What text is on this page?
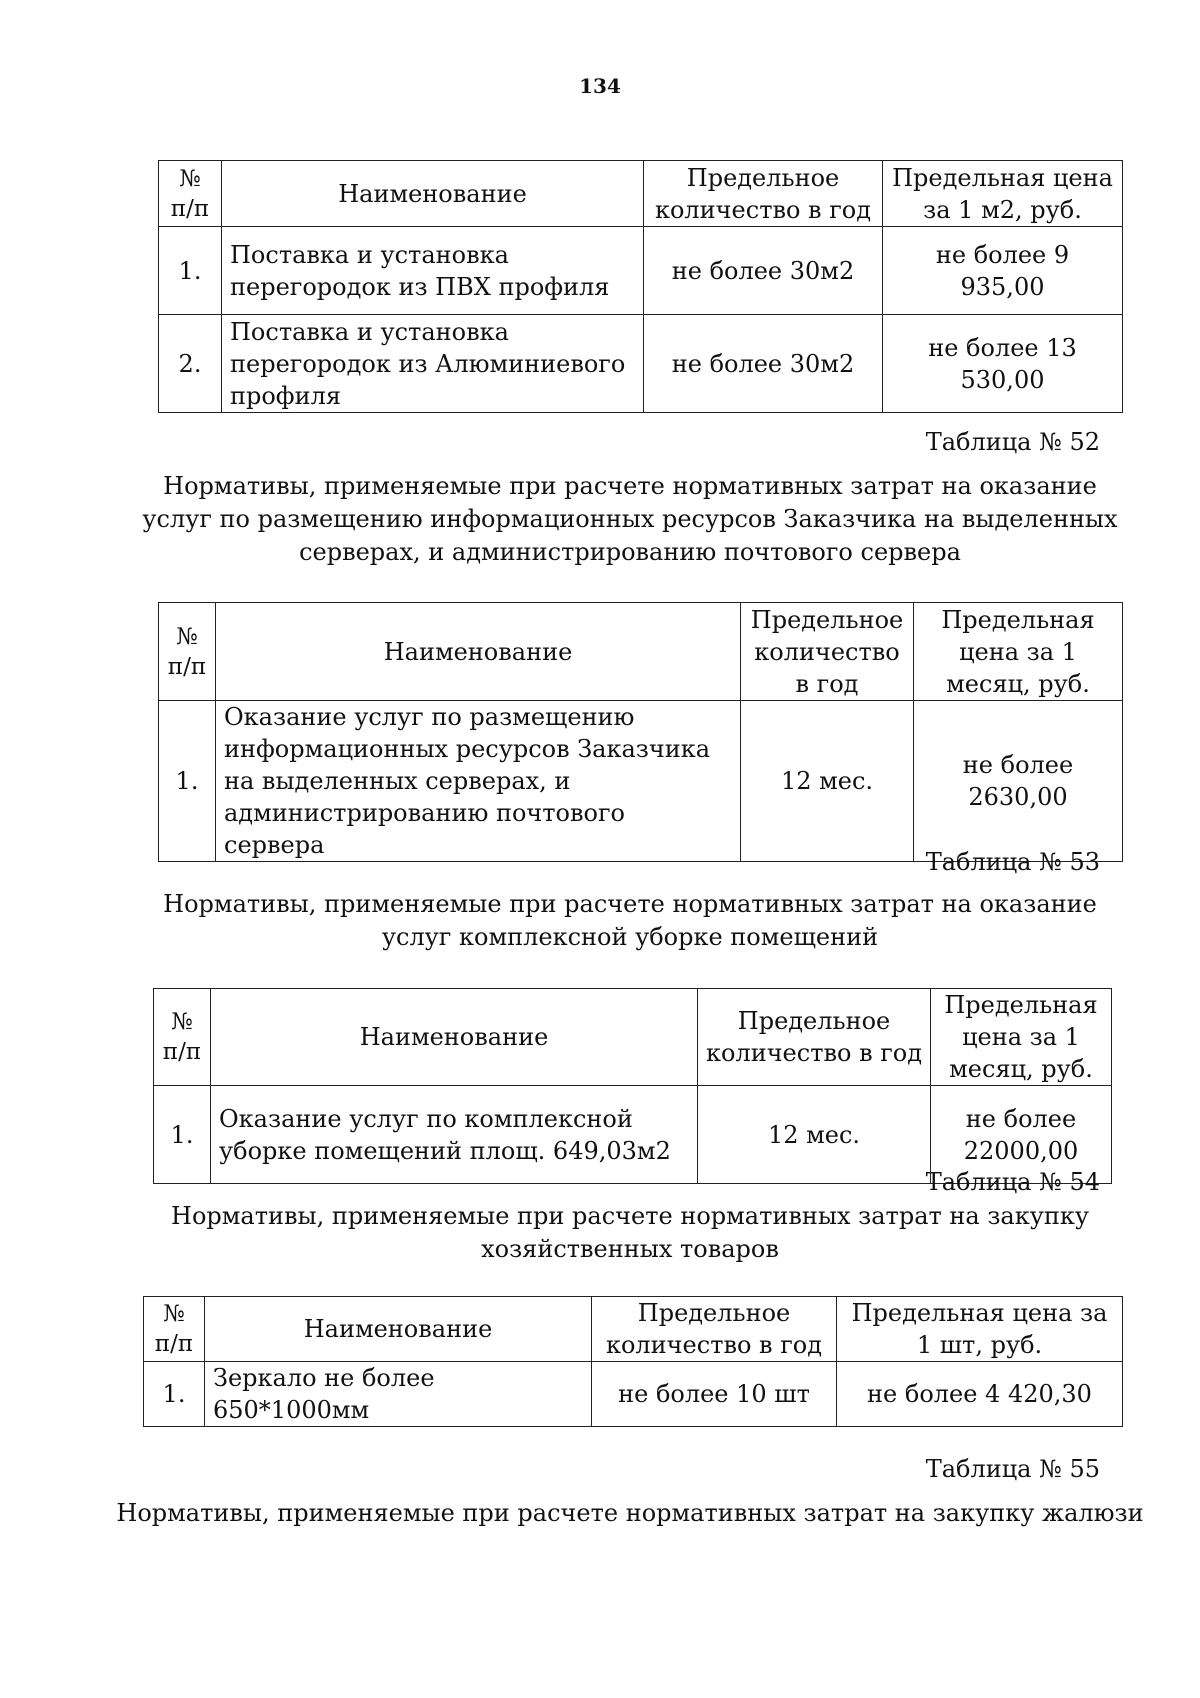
134
№ п/п	Наименование	Предельное количество в год	Предельная цена за 1 м2, руб.
1.	Поставка и установка перегородок из ПВХ профиля	не более 30м2	не более 9 935,00
2.	Поставка и установка перегородок из Алюминиевого профиля	не более 30м2	не более 13 530,00
Таблица № 52
Нормативы, применяемые при расчете нормативных затрат на оказание услуг по размещению информационных ресурсов Заказчика на выделенных серверах, и администрированию почтового сервера
№ п/п	Наименование	Предельное количество в год	Предельная цена за 1 месяц, руб.
1.	Оказание услуг по размещению информационных ресурсов Заказчика на выделенных серверах, и администрированию почтового сервера	12 мес.	не более 2630,00
Таблица № 53
Нормативы, применяемые при расчете нормативных затрат на оказание услуг комплексной уборке помещений
№ п/п	Наименование	Предельное количество в год	Предельная цена за 1 месяц, руб.
1.	Оказание услуг по комплексной уборке помещений площ. 649,03м2	12 мес.	не более 22000,00
Таблица № 54
Нормативы, применяемые при расчете нормативных затрат на закупку хозяйственных товаров
№ п/п	Наименование	Предельное количество в год	Предельная цена за 1 шт, руб.
1.	Зеркало не более 650*1000мм	не более 10 шт	не более 4 420,30
Таблица № 55
Нормативы, применяемые при расчете нормативных затрат на закупку жалюзи
